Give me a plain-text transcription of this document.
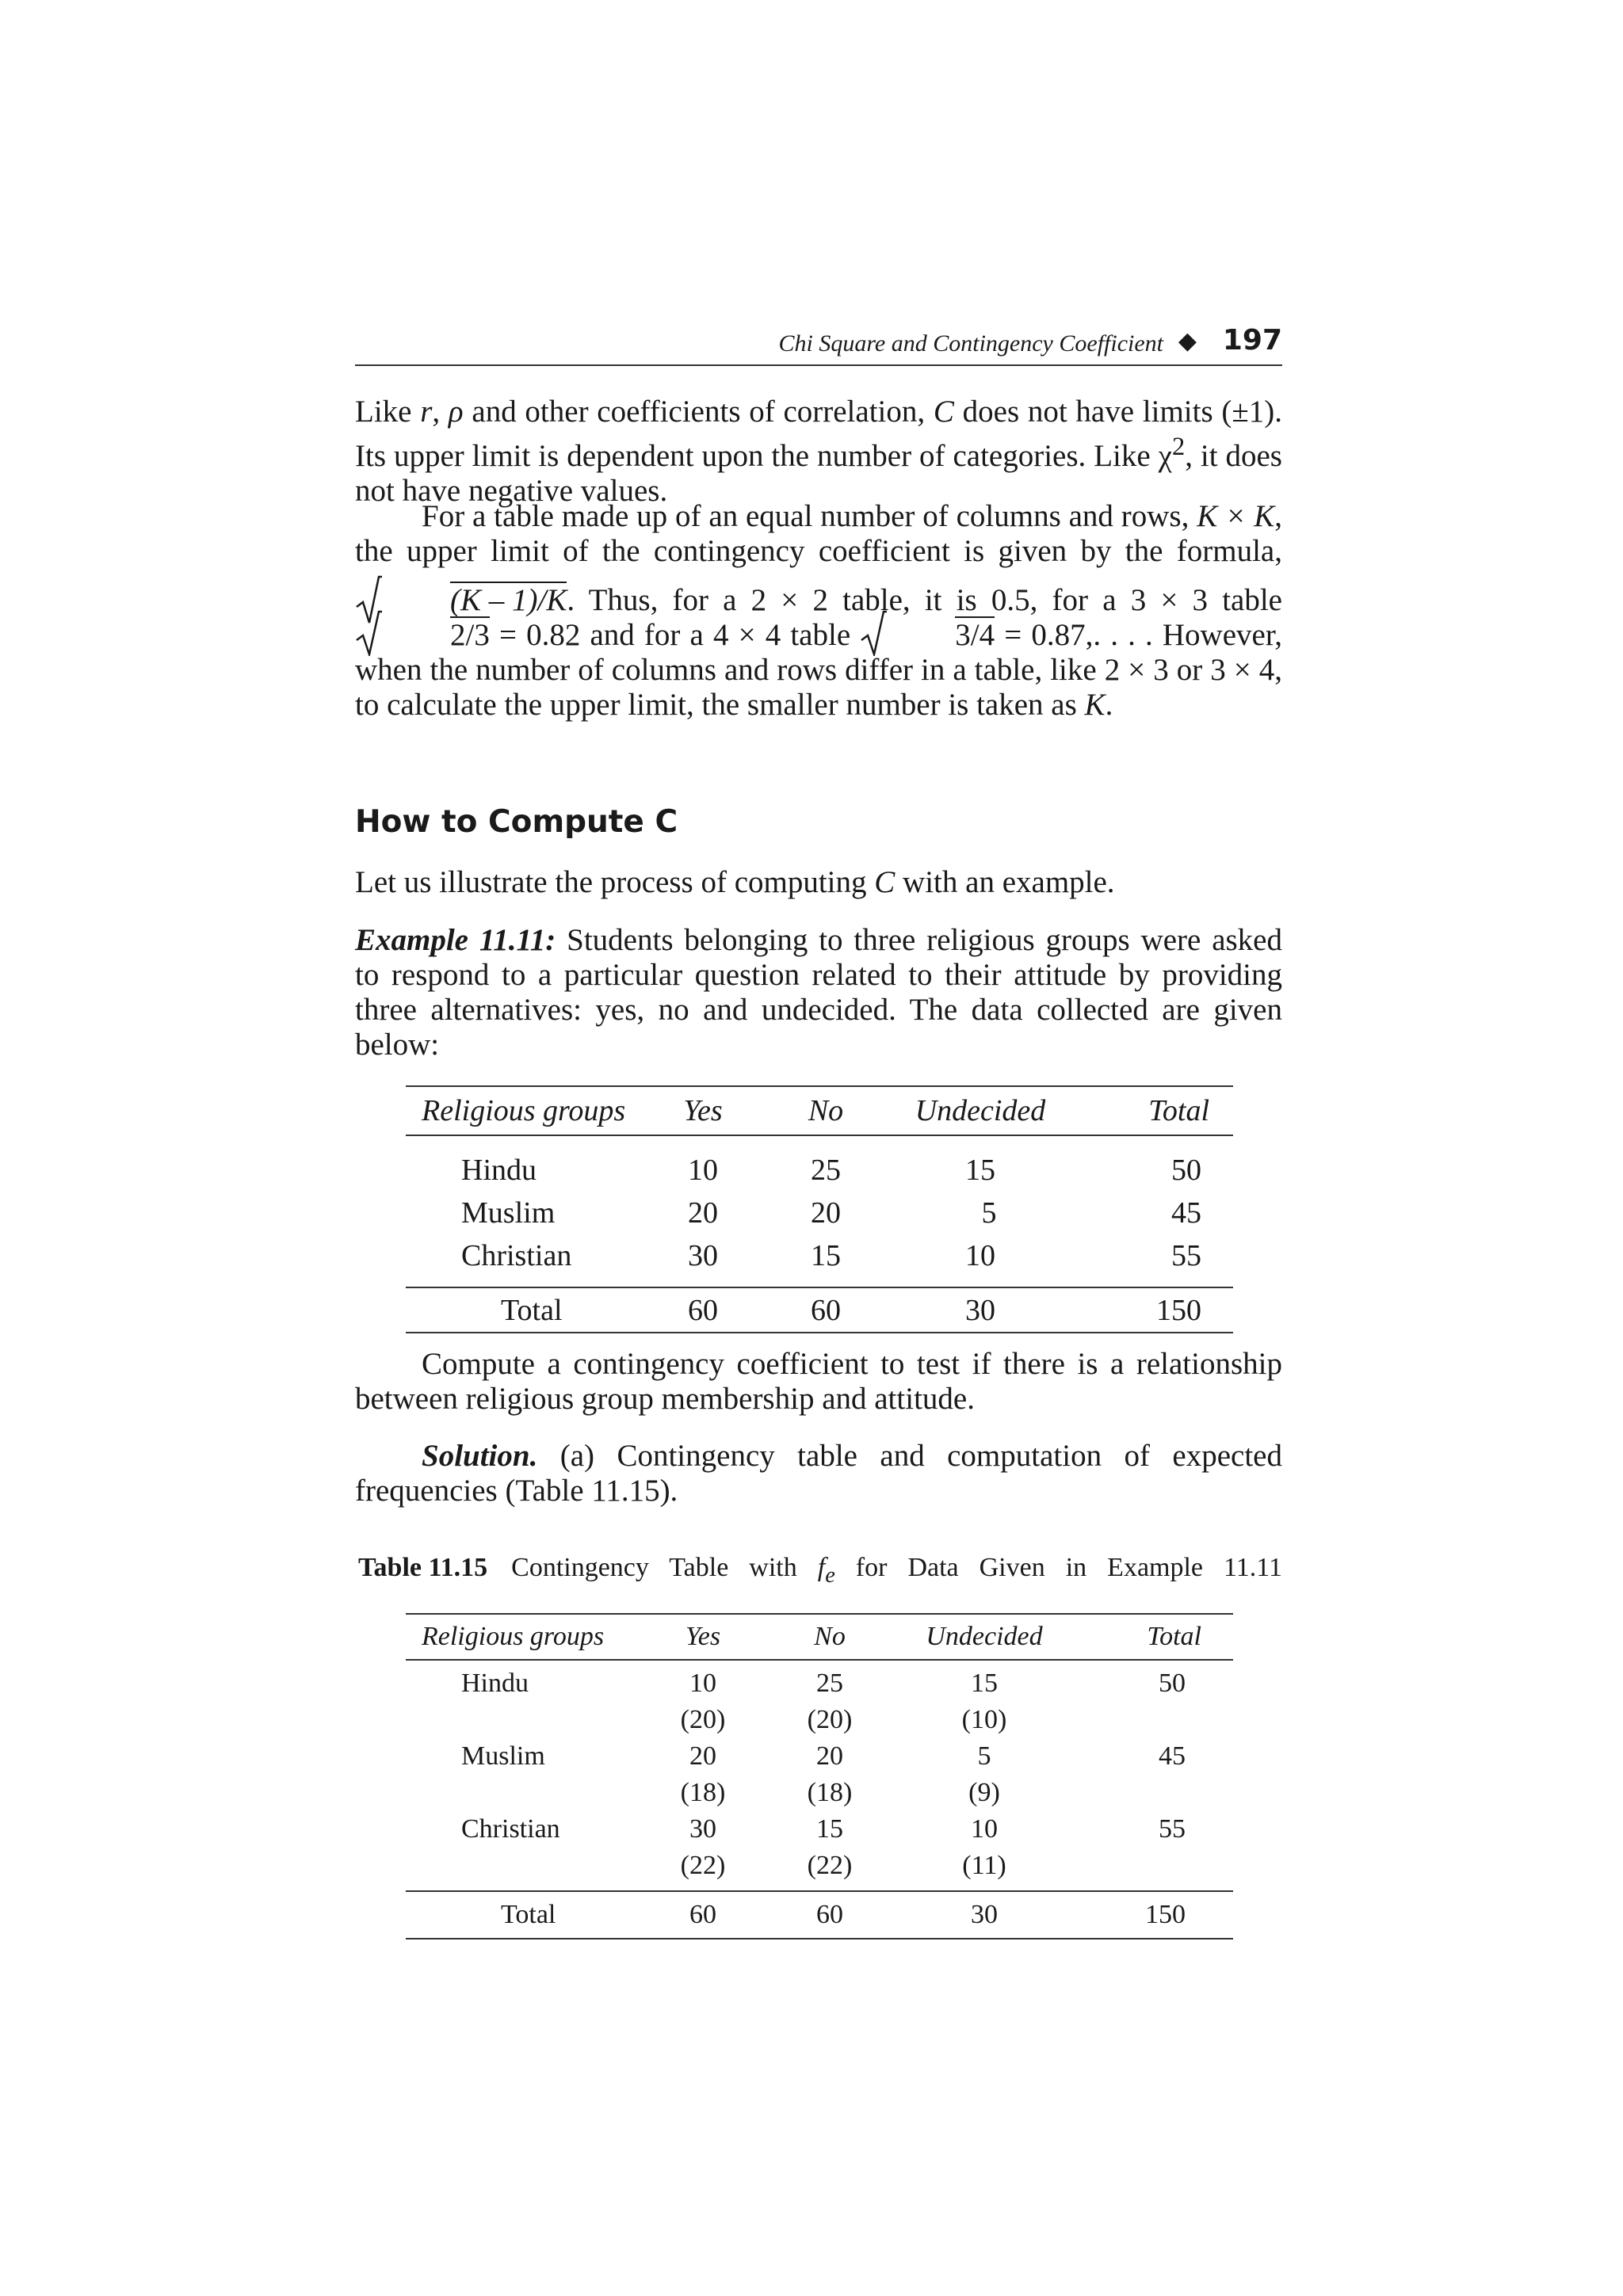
Chi Square and Contingency Coefficient ◆ 197

Like r, ρ and other coefficients of correlation, C does not have limits (±1). Its upper limit is dependent upon the number of categories. Like $\chi^2$, it does not have negative values.

For a table made up of an equal number of columns and rows, K × K, the upper limit of the contingency coefficient is given by the formula,
(K – 1)/K. Thus, for a 2 × 2 table, it is 0.5, for a 3 × 3 table
2/3 = 0.82 and for a 4 × 4 table	3/4 = 0.87,. . . . However, when the number of columns and rows differ in a table, like 2 × 3 or 3 × 4, to calculate the upper limit, the smaller number is taken as K.

How to Compute C

Let us illustrate the process of computing C with an example.

Example 11.11: Students belonging to three religious groups were asked to respond to a particular question related to their attitude by providing three alternatives: yes, no and undecided. The data collected are given below:

Religious groups	Yes	No	Undecided	Total
Hindu	10	25	15	50
Muslim	20	20	5	45
Christian	30	15	10	55
Total	60	60	30	150

Compute a contingency coefficient to test if there is a relationship between religious group membership and attitude.

Solution. (a) Contingency table and computation of expected frequencies (Table 11.15).

Table 11.15 Contingency Table with $f_e$ for Data Given in Example 11.11
Religious groups	Yes	No	Undecided	Total
Hindu	10	25	15	50
	(20)	(20)	(10)	
Muslim	20	20	5	45
	(18)	(18)	(9)	
Christian	30	15	10	55
	(22)	(22)	(11)	
Total	60	60	30	150
